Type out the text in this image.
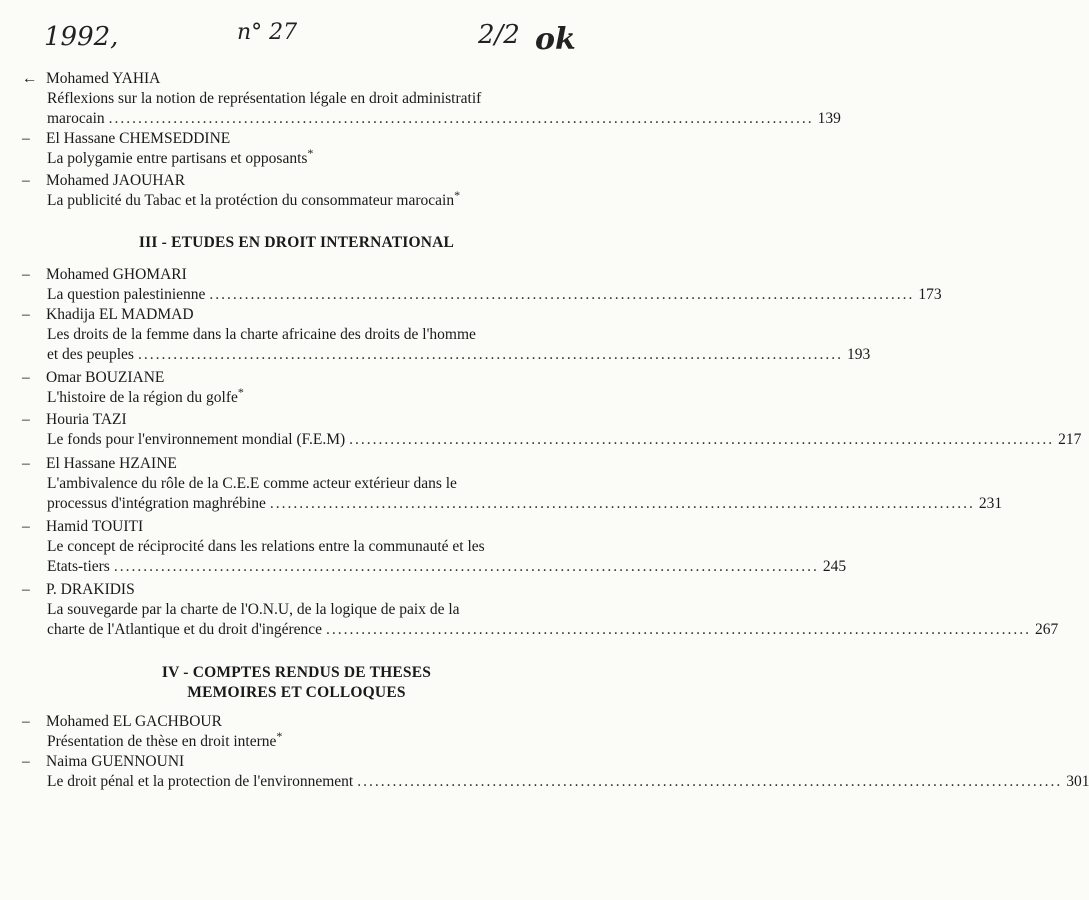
1992,	n° 27	2/2 ok
←Mohamed YAHIA
Réflexions sur la notion de représentation légale en droit administratif
marocain ........................................................................................................................ 139
– El Hassane CHEMSEDDINE
La polygamie entre partisans et opposants*
– Mohamed JAOUHAR
La publicité du Tabac et la protéction du consommateur marocain*
III - ETUDES EN DROIT INTERNATIONAL
– Mohamed GHOMARI
La question palestinienne ........................................................................................................................ 173
– Khadija EL MADMAD
Les droits de la femme dans la charte africaine des droits de l'homme
et des peuples ........................................................................................................................ 193
– Omar BOUZIANE
L'histoire de la région du golfe*
– Houria TAZI
Le fonds pour l'environnement mondial (F.E.M) ........................................................................................................................ 217
– El Hassane HZAINE
L'ambivalence du rôle de la C.E.E comme acteur extérieur dans le
processus d'intégration maghrébine ........................................................................................................................ 231
– Hamid TOUITI
Le concept de réciprocité dans les relations entre la communauté et les
Etats-tiers ........................................................................................................................ 245
– P. DRAKIDIS
La souvegarde par la charte de l'O.N.U, de la logique de paix de la
charte de l'Atlantique et du droit d'ingérence ........................................................................................................................ 267
IV - COMPTES RENDUS DE THESES
MEMOIRES ET COLLOQUES
– Mohamed EL GACHBOUR
Présentation de thèse en droit interne*
– Naima GUENNOUNI
Le droit pénal et la protection de l'environnement ........................................................................................................................ 301
